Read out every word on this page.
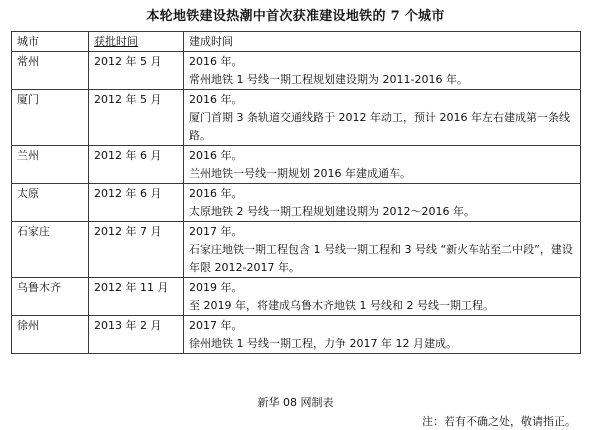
本轮地铁建设热潮中首次获准建设地铁的 7 个城市
城市	获批时间	建成时间
常州	2012 年 5 月	2016 年。
常州地铁 1 号线一期工程规划建设期为 2011-2016 年。

厦门	2012 年 5 月	2016 年。
厦门首期 3 条轨道交通线路于 2012 年动工，预计 2016 年左右建成第一条线路。

兰州	2012 年 6 月	2016 年。
兰州地铁一号线一期规划 2016 年建成通车。

太原	2012 年 6 月	2016 年。
太原地铁 2 号线一期工程规划建设期为 2012～2016 年。

石家庄	2012 年 7 月	2017 年。
石家庄地铁一期工程包含 1 号线一期工程和 3 号线 “新火车站至二中段”，建设年限 2012-2017 年。

乌鲁木齐	2012 年 11 月	2019 年。
至 2019 年，将建成乌鲁木齐地铁 1 号线和 2 号线一期工程。

徐州	2013 年 2 月	2017 年。
徐州地铁 1 号线一期工程，力争 2017 年 12 月建成。
新华 08 网制表
注：若有不确之处，敬请指正。
